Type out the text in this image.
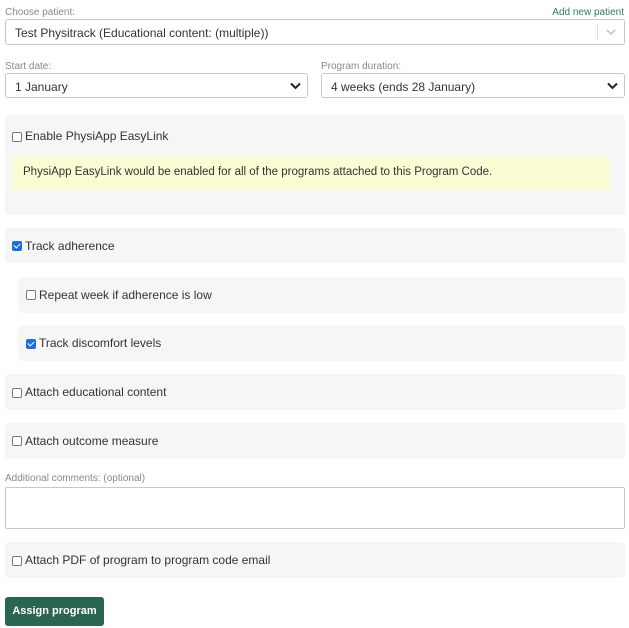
Choose patient:	Add new patient
Test Physitrack (Educational content: (multiple))
Start date:
1 January
Program duration:
4 weeks (ends 28 January)
Enable PhysiApp EasyLink
PhysiApp EasyLink would be enabled for all of the programs attached to this Program Code.
Track adherence
Repeat week if adherence is low
Track discomfort levels
Attach educational content
Attach outcome measure
Additional comments: (optional)
Attach PDF of program to program code email
Assign program
